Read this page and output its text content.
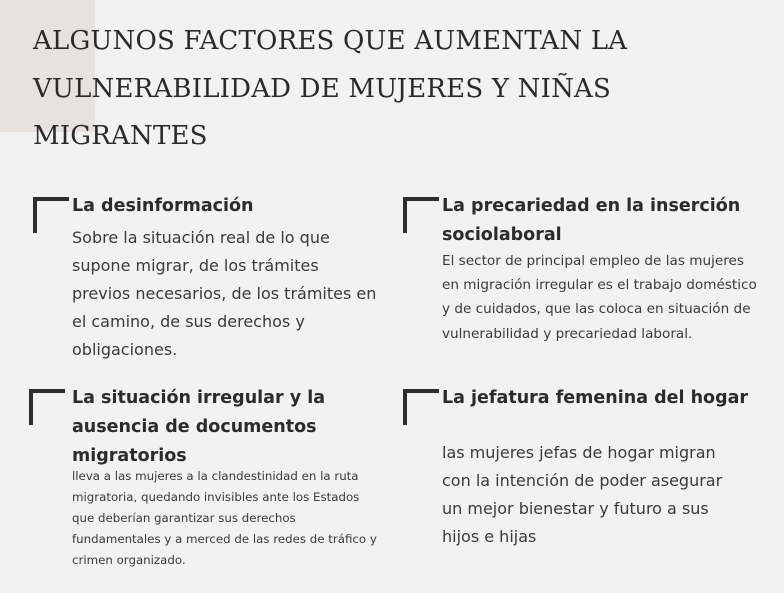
ALGUNOS FACTORES QUE AUMENTAN LA VULNERABILIDAD DE MUJERES Y NIÑAS MIGRANTES
La desinformación

Sobre la situación real de lo que supone migrar, de los trámites previos necesarios, de los trámites en el camino, de sus derechos y obligaciones.

La precariedad en la inserción sociolaboral

El sector de principal empleo de las mujeres en migración irregular es el trabajo doméstico y de cuidados, que las coloca en situación de vulnerabilidad y precariedad laboral.

La situación irregular y la ausencia de documentos migratorios

lleva a las mujeres a la clandestinidad en la ruta migratoria, quedando invisibles ante los Estados que deberían garantizar sus derechos fundamentales y a merced de las redes de tráfico y crimen organizado.

La jefatura femenina del hogar

las mujeres jefas de hogar migran con la intención de poder asegurar un mejor bienestar y futuro a sus hijos e hijas
